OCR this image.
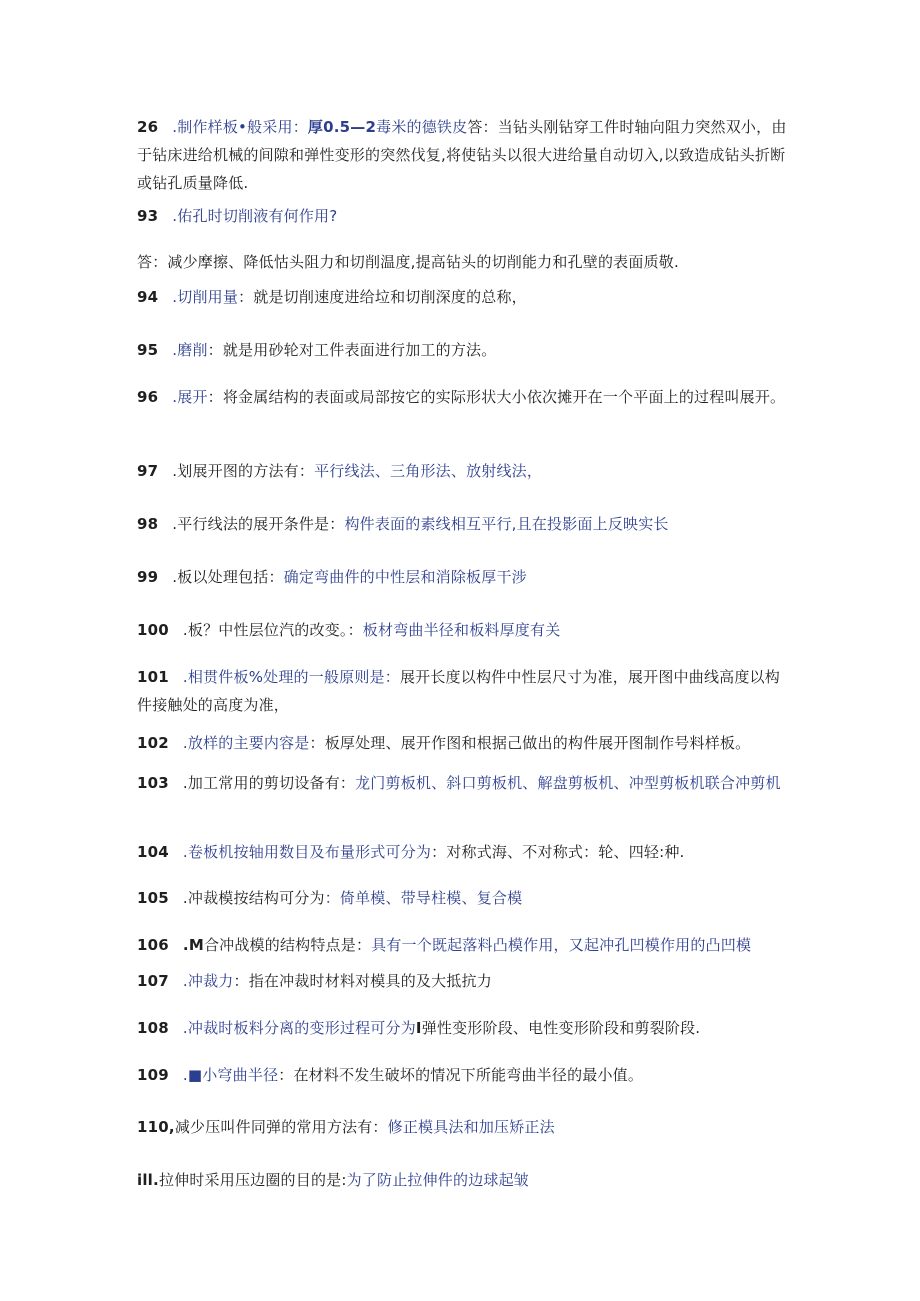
26 .制作样板•般采用：厚0.5—2毒米的德铁皮答：当钻头刚钻穿工件时轴向阻力突然双小，由于钻床进给机械的间隙和弹性变形的突然伐复,将使钻头以很大进给量自动切入,以致造成钻头折断或钻孔质量降低.
93 .佑孔时切削液有何作用?
答：减少摩擦、降低怙头阻力和切削温度,提高钻头的切削能力和孔壁的表面质敬.
94 .切削用量：就是切削速度进给垃和切削深度的总称，
95 .磨削：就是用砂轮对工件表面进行加工的方法。
96 .展开：将金属结构的表面或局部按它的实际形状大小依次摊开在一个平面上的过程叫展开。
97 .划展开图的方法有：平行线法、三角形法、放射线法，
98 .平行线法的展开条件是：构件表面的素线相互平行,且在投影面上反映实长
99 .板以处理包括：确定弯曲件的中性层和消除板厚干涉
100 .板？中性层位汽的改变。：板材弯曲半径和板料厚度有关
101 .相贯件板%处理的一般原则是：展开长度以构件中性层尺寸为准，展开图中曲线高度以构件接触处的高度为准，
102 .放样的主要内容是：板厚处理、展开作图和根据己做出的构件展开图制作号料样板。
103 .加工常用的剪切设备有：龙门剪板机、斜口剪板机、解盘剪板机、冲型剪板机联合冲剪机
104 .卷板机按轴用数目及布量形式可分为：对称式海、不对称式：轮、四轻:种.
105 .冲裁模按结构可分为：倚单模、带导柱模、复合模
106 .M合冲战模的结构特点是：具有一个既起落料凸模作用，又起冲孔凹模作用的凸凹模
107 .冲裁力：指在冲裁时材料对模具的及大抵抗力
108 .冲裁时板料分离的变形过程可分为I弹性变形阶段、电性变形阶段和剪裂阶段.
109 .■小穹曲半径：在材料不发生破坏的情况下所能弯曲半径的最小值。
110,减少压叫件同弹的常用方法有：修正模具法和加压矫正法
ill.拉伸时采用压边圈的目的是:为了防止拉伸件的边球起皱
